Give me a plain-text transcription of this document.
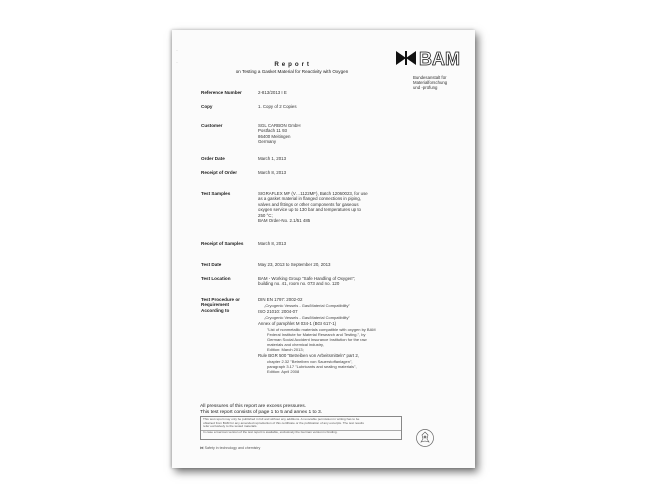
·

·	R e p o r t
on Testing a Gasket Material for Reactivity with Oxygen
BAM
Bundesanstalt für
Materialforschung
und -prüfung
Reference Number	2-813/2013 I E
Copy	1. Copy of 2 Copies
Customer	SGL CARBON GmbH
Postfach 11 93
86400 Meitingen
Germany
Order Date	March 1, 2013
Receipt of Order	March 8, 2013
Test Samples	SIGRAFLEX MF (V…1122MF), Batch 12060023, for use
as a gasket material in flanged connections in piping,
valves and fittings or other components for gaseous
oxygen service up to 130 bar and temperatures up to
250 °C;
BAM Order-No. 2.1/51 485
Receipt of Samples	March 8, 2013
Test Date	May 23, 2013 to September 20, 2013
Test Location	BAM - Working Group "Safe Handling of Oxygen";
building no. 41, room no. 073 and no. 120
Test Procedure or
Requirement
According to
DIN EN 1797: 2002-02
„Cryogenic Vessels - Gas/Material Compatibility"
ISO 21010: 2004-07
„Cryogenic Vessels - Gas/Material Compatibility"
Annex of pamphlet M 034-1 (BGI 617-1)
"List of nonmetallic materials compatible with oxygen by BAM
Federal Institute for Material Research and Testing.", by
German Social Accident Insurance Institution for the raw
materials and chemical industry,
Edition: March 2013;
Rule BGR 500 "Betreiben von Arbeitsmitteln" part 2,
chapter 2.32 "Betreiben von Sauerstoffanlagen",
paragraph 3.17 "Lubricants and sealing materials",
Edition: April 2008
All pressures of this report are excess pressures.
This test report consists of page 1 to 5 and annex 1 to 3.
This test report may only be published in full and without any additions. A revocable permission in writing has to be
obtained from BAM for any amended reproduction of this certificate or the publication of any excerpts. The test results
refer exclusively to the tested materials.
In case a German version of the test report is available, exclusively the German version is binding.
⋈ Safety in technology and chemistry
